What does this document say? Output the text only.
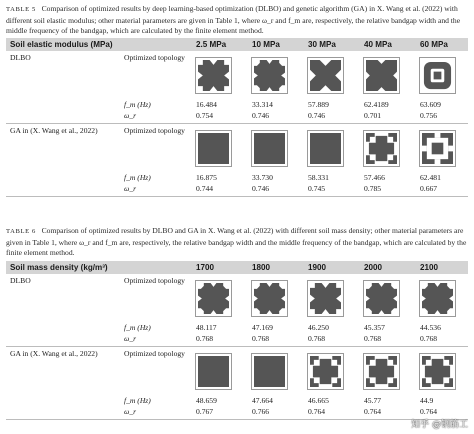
TABLE 5 Comparison of optimized results by deep learning-based optimization (DLBO) and genetic algorithm (GA) in X. Wang et al. (2022) with different soil elastic modulus; other material parameters are given in Table 1, where ω_r and f_m are, respectively, the relative bandgap width and the middle frequency of the bandgap, which are calculated by the finite element method.
Soil elastic modulus (MPa)	2.5 MPa	10 MPa	30 MPa	40 MPa	60 MPa
DLBO	Optimized topology
f_m (Hz)	16.484	33.314	57.889	62.4189	63.609
ω_r	0.754	0.746	0.746	0.701	0.756
GA in (X. Wang et al., 2022)	Optimized topology
f_m (Hz)	16.875	33.730	58.331	57.466	62.481
ω_r	0.744	0.746	0.745	0.785	0.667
TABLE 6 Comparison of optimized results by DLBO and GA in X. Wang et al. (2022) with different soil mass density; other material parameters are given in Table 1, where ω_r and f_m are, respectively, the relative bandgap width and the middle frequency of the bandgap, which are calculated by the finite element method.
Soil mass density (kg/m³)	1700	1800	1900	2000	2100
DLBO	Optimized topology
f_m (Hz)	48.117	47.169	46.250	45.357	44.536
ω_r	0.768	0.768	0.768	0.768	0.768
GA in (X. Wang et al., 2022)	Optimized topology
f_m (Hz)	48.659	47.664	46.665	45.77	44.9
ω_r	0.767	0.766	0.764	0.764	0.764
知乎 @钢筋工
